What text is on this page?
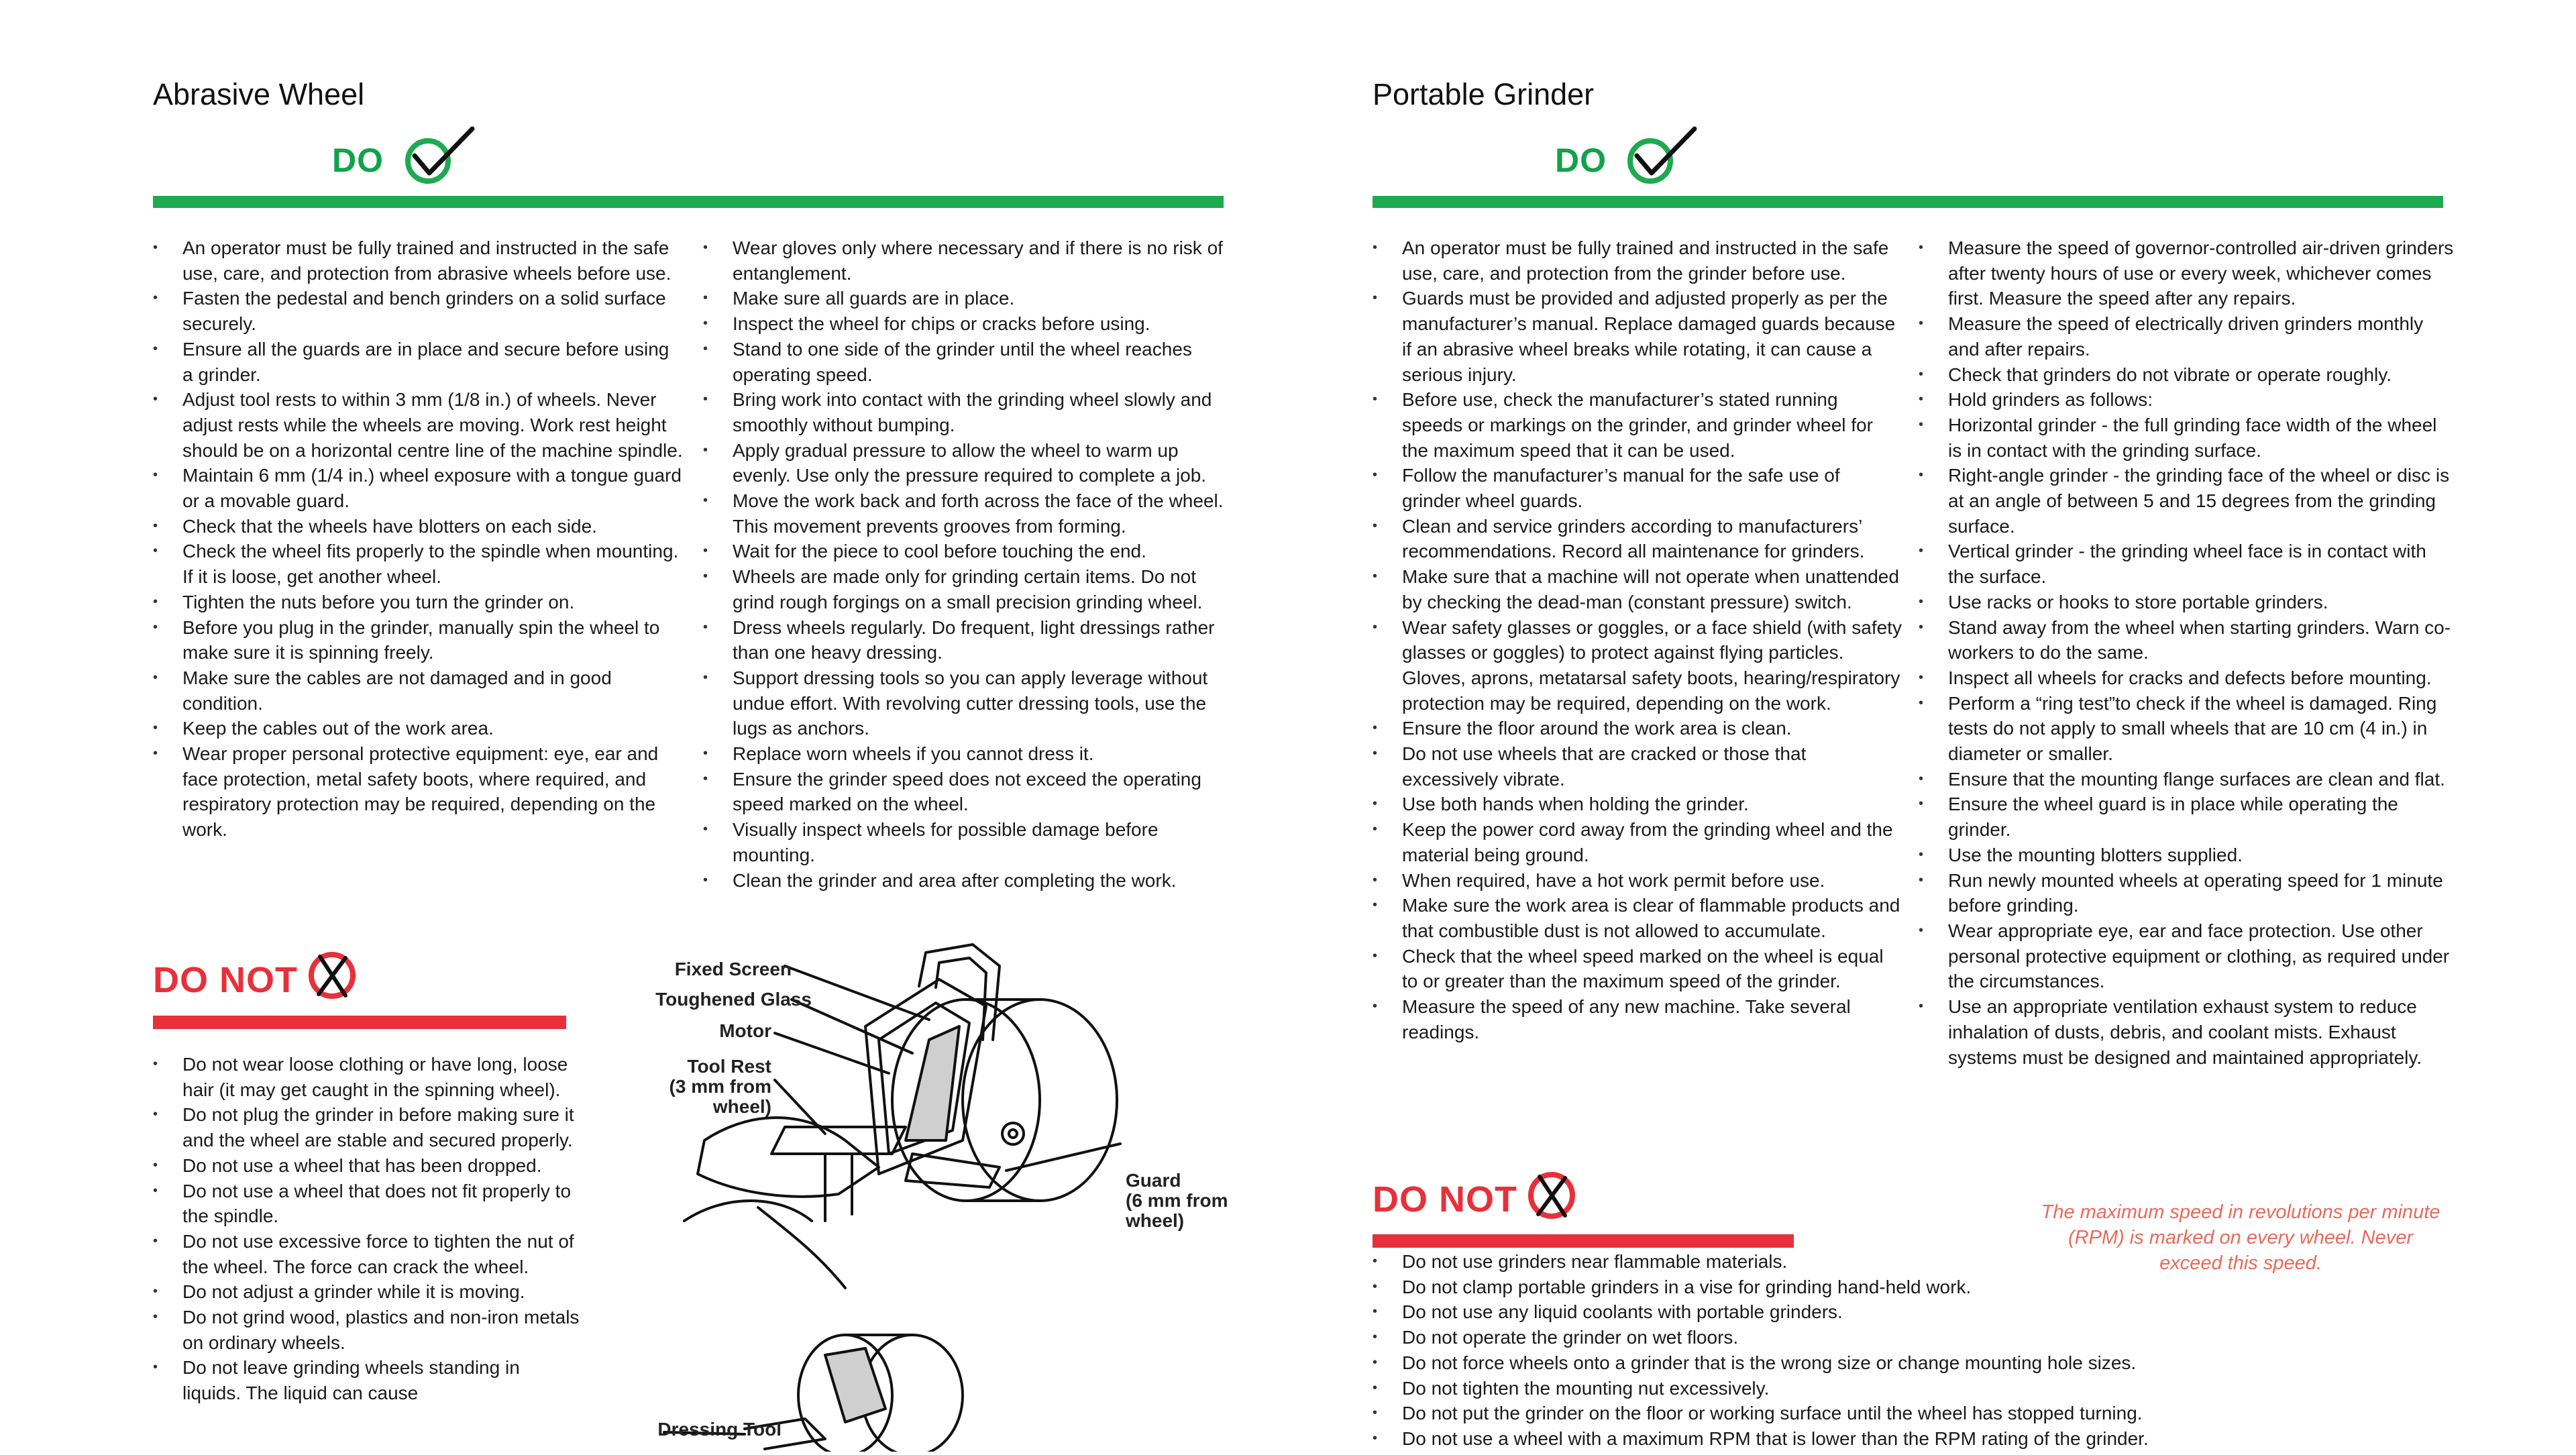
Abrasive Wheel
DO
• An operator must be fully trained and instructed in the safe use, care, and protection from abrasive wheels before use.
• Fasten the pedestal and bench grinders on a solid surface securely.
• Ensure all the guards are in place and secure before using a grinder.
• Adjust tool rests to within 3 mm (1/8 in.) of wheels. Never adjust rests while the wheels are moving. Work rest height should be on a horizontal centre line of the machine spindle.
• Maintain 6 mm (1/4 in.) wheel exposure with a tongue guard or a movable guard.
• Check that the wheels have blotters on each side.
• Check the wheel fits properly to the spindle when mounting. If it is loose, get another wheel.
• Tighten the nuts before you turn the grinder on.
• Before you plug in the grinder, manually spin the wheel to make sure it is spinning freely.
• Make sure the cables are not damaged and in good condition.
• Keep the cables out of the work area.
• Wear proper personal protective equipment: eye, ear and face protection, metal safety boots, where required, and respiratory protection may be required, depending on the work.
• Wear gloves only where necessary and if there is no risk of entanglement.
• Make sure all guards are in place.
• Inspect the wheel for chips or cracks before using.
• Stand to one side of the grinder until the wheel reaches operating speed.
• Bring work into contact with the grinding wheel slowly and smoothly without bumping.
• Apply gradual pressure to allow the wheel to warm up evenly. Use only the pressure required to complete a job.
• Move the work back and forth across the face of the wheel. This movement prevents grooves from forming.
• Wait for the piece to cool before touching the end.
• Wheels are made only for grinding certain items. Do not grind rough forgings on a small precision grinding wheel.
• Dress wheels regularly. Do frequent, light dressings rather than one heavy dressing.
• Support dressing tools so you can apply leverage without undue effort. With revolving cutter dressing tools, use the lugs as anchors.
• Replace worn wheels if you cannot dress it.
• Ensure the grinder speed does not exceed the operating speed marked on the wheel.
• Visually inspect wheels for possible damage before mounting.
• Clean the grinder and area after completing the work.
DO NOT
• Do not wear loose clothing or have long, loose hair (it may get caught in the spinning wheel).
• Do not plug the grinder in before making sure it and the wheel are stable and secured properly.
• Do not use a wheel that has been dropped.
• Do not use a wheel that does not fit properly to the spindle.
• Do not use excessive force to tighten the nut of the wheel. The force can crack the wheel.
• Do not adjust a grinder while it is moving.
• Do not grind wood, plastics and non-iron metals on ordinary wheels.
• Do not leave grinding wheels standing in liquids. The liquid can cause
Fixed Screen
Toughened Glass
Motor
Tool Rest
(3 mm from
wheel)
Guard
(6 mm from
wheel)
Dressing Tool
Portable Grinder
DO
• An operator must be fully trained and instructed in the safe use, care, and protection from the grinder before use.
• Guards must be provided and adjusted properly as per the manufacturer’s manual. Replace damaged guards because if an abrasive wheel breaks while rotating, it can cause a serious injury.
• Before use, check the manufacturer’s stated running speeds or markings on the grinder, and grinder wheel for the maximum speed that it can be used.
• Follow the manufacturer’s manual for the safe use of grinder wheel guards.
• Clean and service grinders according to manufacturers’ recommendations. Record all maintenance for grinders.
• Make sure that a machine will not operate when unattended by checking the dead-man (constant pressure) switch.
• Wear safety glasses or goggles, or a face shield (with safety glasses or goggles) to protect against flying particles. Gloves, aprons, metatarsal safety boots, hearing/respiratory protection may be required, depending on the work.
• Ensure the floor around the work area is clean.
• Do not use wheels that are cracked or those that excessively vibrate.
• Use both hands when holding the grinder.
• Keep the power cord away from the grinding wheel and the material being ground.
• When required, have a hot work permit before use.
• Make sure the work area is clear of flammable products and that combustible dust is not allowed to accumulate.
• Check that the wheel speed marked on the wheel is equal to or greater than the maximum speed of the grinder.
• Measure the speed of any new machine. Take several readings.
• Measure the speed of governor-controlled air-driven grinders after twenty hours of use or every week, whichever comes first. Measure the speed after any repairs.
• Measure the speed of electrically driven grinders monthly and after repairs.
• Check that grinders do not vibrate or operate roughly.
• Hold grinders as follows:
• Horizontal grinder - the full grinding face width of the wheel is in contact with the grinding surface.
• Right-angle grinder - the grinding face of the wheel or disc is at an angle of between 5 and 15 degrees from the grinding surface.
• Vertical grinder - the grinding wheel face is in contact with the surface.
• Use racks or hooks to store portable grinders.
• Stand away from the wheel when starting grinders. Warn co-workers to do the same.
• Inspect all wheels for cracks and defects before mounting.
• Perform a “ring test”to check if the wheel is damaged. Ring tests do not apply to small wheels that are 10 cm (4 in.) in diameter or smaller.
• Ensure that the mounting flange surfaces are clean and flat.
• Ensure the wheel guard is in place while operating the grinder.
• Use the mounting blotters supplied.
• Run newly mounted wheels at operating speed for 1 minute before grinding.
• Wear appropriate eye, ear and face protection. Use other personal protective equipment or clothing, as required under the circumstances.
• Use an appropriate ventilation exhaust system to reduce inhalation of dusts, debris, and coolant mists. Exhaust systems must be designed and maintained appropriately.
DO NOT	The maximum speed in revolutions per minute (RPM) is marked on every wheel. Never exceed this speed.
• Do not use grinders near flammable materials.
• Do not clamp portable grinders in a vise for grinding hand-held work.
• Do not use any liquid coolants with portable grinders.
• Do not operate the grinder on wet floors.
• Do not force wheels onto a grinder that is the wrong size or change mounting hole sizes.
• Do not tighten the mounting nut excessively.
• Do not put the grinder on the floor or working surface until the wheel has stopped turning.
• Do not use a wheel with a maximum RPM that is lower than the RPM rating of the grinder.
